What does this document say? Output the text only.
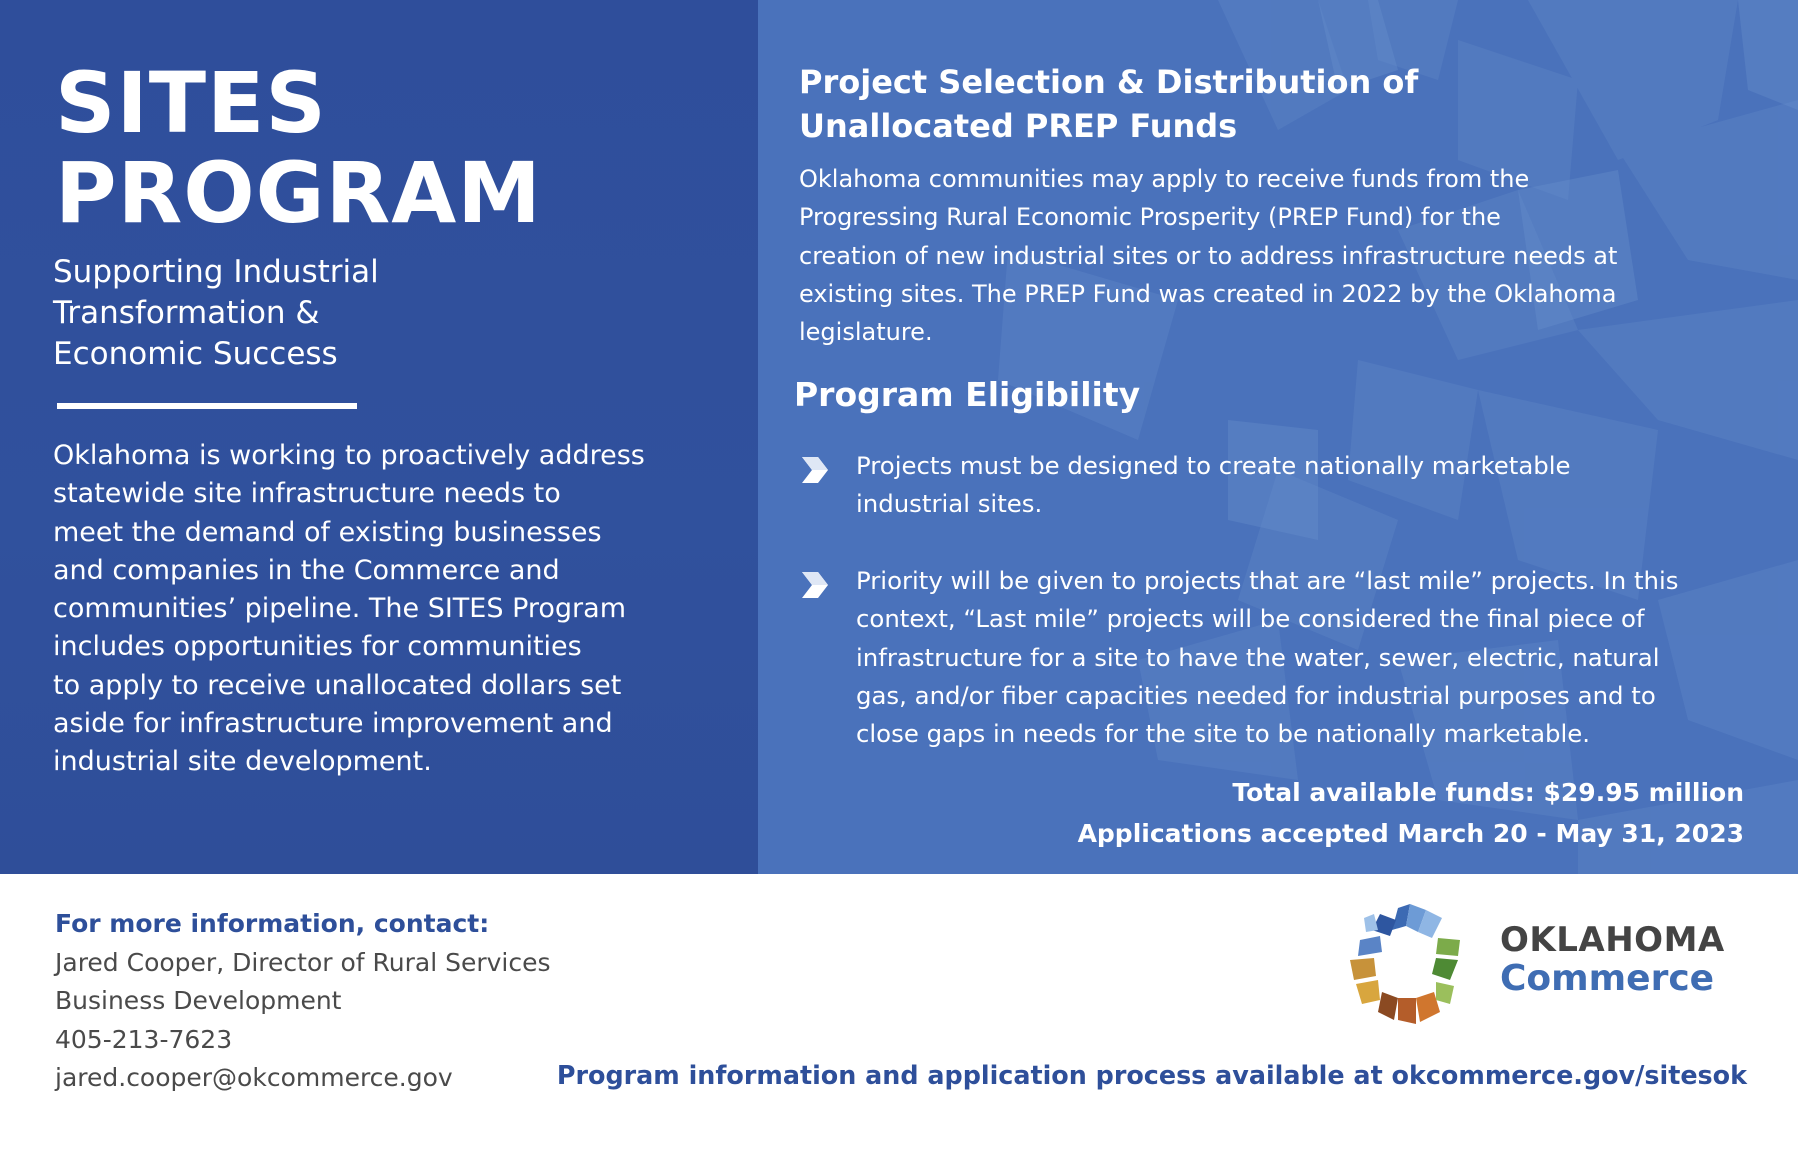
SITES
PROGRAM
Supporting Industrial
Transformation &
Economic Success
Oklahoma is working to proactively address
statewide site infrastructure needs to
meet the demand of existing businesses
and companies in the Commerce and
communities’ pipeline. The SITES Program
includes opportunities for communities
to apply to receive unallocated dollars set
aside for infrastructure improvement and
industrial site development.
Project Selection & Distribution of
Unallocated PREP Funds
Oklahoma communities may apply to receive funds from the
Progressing Rural Economic Prosperity (PREP Fund) for the
creation of new industrial sites or to address infrastructure needs at
existing sites. The PREP Fund was created in 2022 by the Oklahoma
legislature.
Program Eligibility
Projects must be designed to create nationally marketable
industrial sites.
Priority will be given to projects that are “last mile” projects. In this
context, “Last mile” projects will be considered the final piece of
infrastructure for a site to have the water, sewer, electric, natural
gas, and/or fiber capacities needed for industrial purposes and to
close gaps in needs for the site to be nationally marketable.
Total available funds: $29.95 million
Applications accepted March 20 - May 31, 2023
For more information, contact:
Jared Cooper, Director of Rural Services
Business Development
405-213-7623
jared.cooper@okcommerce.gov
OKLAHOMA
Commerce
Program information and application process available at okcommerce.gov/sitesok
